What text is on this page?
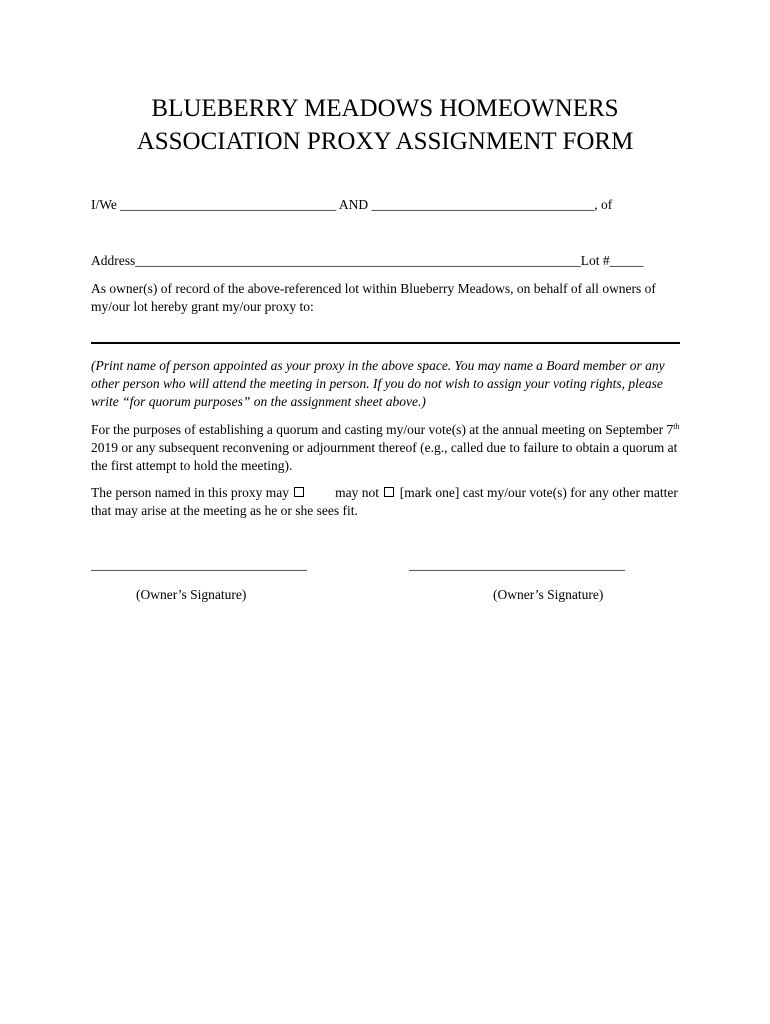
BLUEBERRY MEADOWS HOMEOWNERS
ASSOCIATION PROXY ASSIGNMENT FORM
I/We ________________________________ AND _________________________________, of
Address__________________________________________________________________Lot #_____
As owner(s) of record of the above-referenced lot within Blueberry Meadows, on behalf of all owners of my/our lot hereby grant my/our proxy to:
(Print name of person appointed as your proxy in the above space. You may name a Board member or any other person who will attend the meeting in person. If you do not wish to assign your voting rights, please write “for quorum purposes” on the assignment sheet above.)
For the purposes of establishing a quorum and casting my/our vote(s) at the annual meeting on September 7th 2019 or any subsequent reconvening or adjournment thereof (e.g., called due to failure to obtain a quorum at the first attempt to hold the meeting).
The person named in this proxy may	may not [mark one] cast my/our vote(s) for any other matter that may arise at the meeting as he or she sees fit.
________________________________	________________________________
(Owner’s Signature)	(Owner’s Signature)
